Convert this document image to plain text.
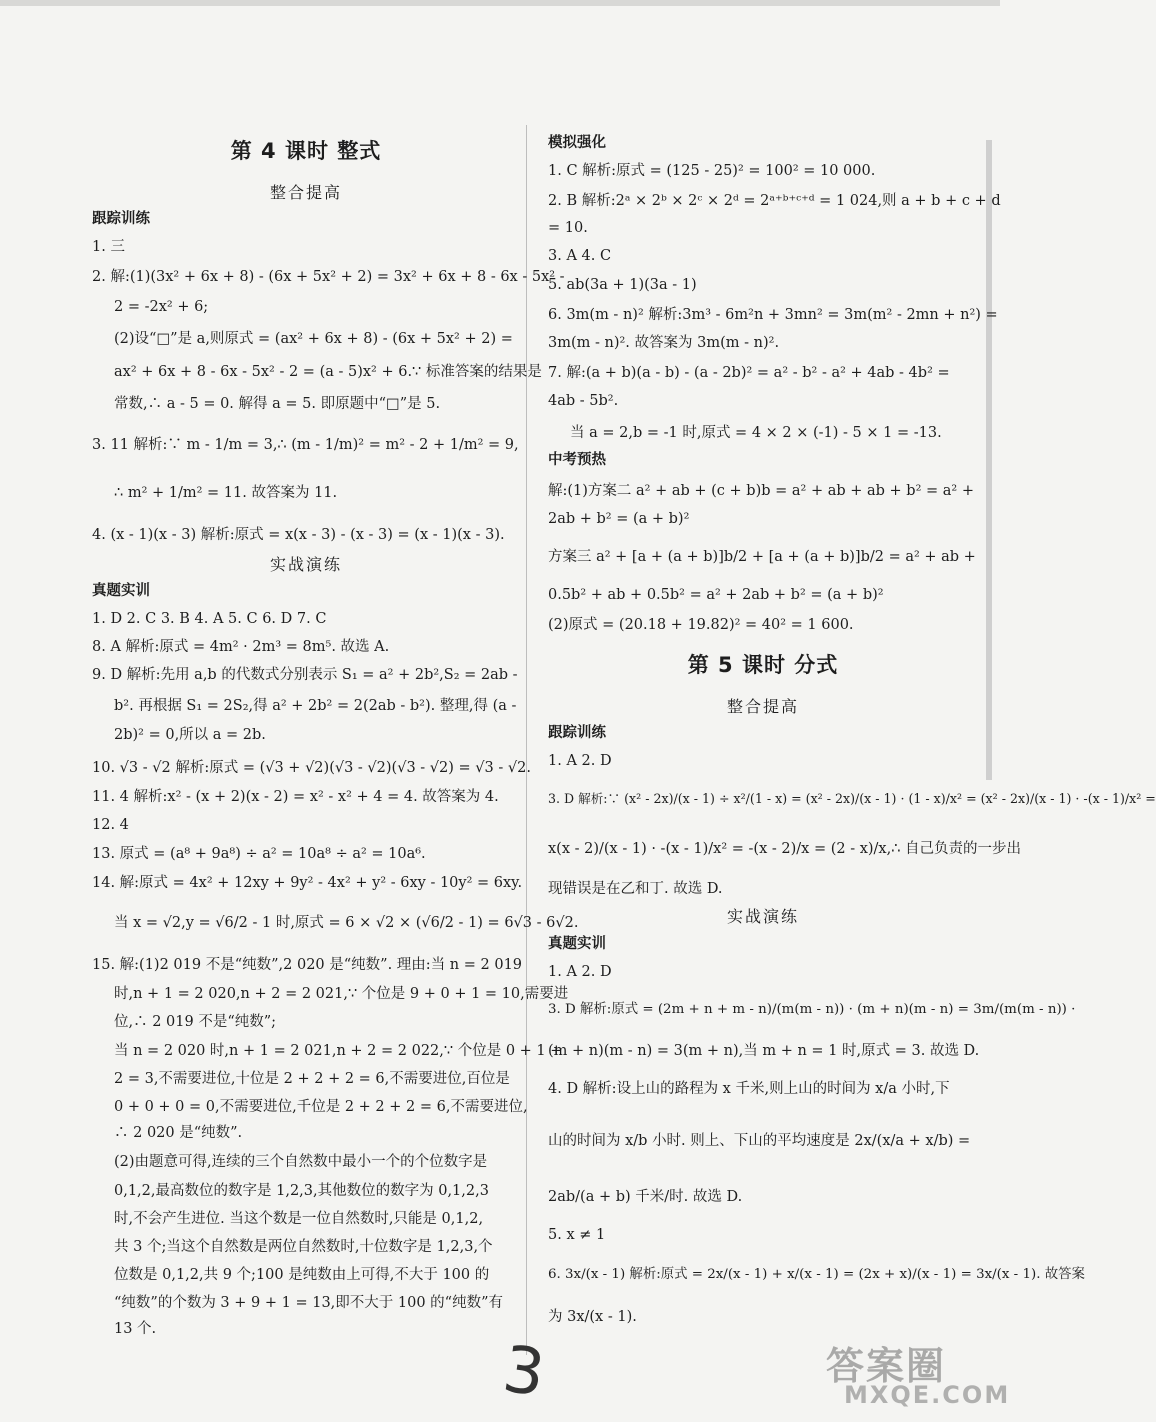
第 4 课时 整式
整合提高
跟踪训练
1. 三
2. 解:(1)(3x² + 6x + 8) - (6x + 5x² + 2) = 3x² + 6x + 8 - 6x - 5x² -
2 = -2x² + 6;
(2)设“□”是 a,则原式 = (ax² + 6x + 8) - (6x + 5x² + 2) =
ax² + 6x + 8 - 6x - 5x² - 2 = (a - 5)x² + 6.∵ 标准答案的结果是
常数,∴ a - 5 = 0. 解得 a = 5. 即原题中“□”是 5.
3. 11 解析:∵ m - 1/m = 3,∴ (m - 1/m)² = m² - 2 + 1/m² = 9,
∴ m² + 1/m² = 11. 故答案为 11.
4. (x - 1)(x - 3) 解析:原式 = x(x - 3) - (x - 3) = (x - 1)(x - 3).
实战演练
真题实训
1. D 2. C 3. B 4. A 5. C 6. D 7. C
8. A 解析:原式 = 4m² · 2m³ = 8m⁵. 故选 A.
9. D 解析:先用 a,b 的代数式分别表示 S₁ = a² + 2b²,S₂ = 2ab -
b². 再根据 S₁ = 2S₂,得 a² + 2b² = 2(2ab - b²). 整理,得 (a -
2b)² = 0,所以 a = 2b.
10. √3 - √2 解析:原式 = (√3 + √2)(√3 - √2)(√3 - √2) = √3 - √2.
11. 4 解析:x² - (x + 2)(x - 2) = x² - x² + 4 = 4. 故答案为 4.
12. 4
13. 原式 = (a⁸ + 9a⁸) ÷ a² = 10a⁸ ÷ a² = 10a⁶.
14. 解:原式 = 4x² + 12xy + 9y² - 4x² + y² - 6xy - 10y² = 6xy.
当 x = √2,y = √6/2 - 1 时,原式 = 6 × √2 × (√6/2 - 1) = 6√3 - 6√2.
15. 解:(1)2 019 不是“纯数”,2 020 是“纯数”. 理由:当 n = 2 019
时,n + 1 = 2 020,n + 2 = 2 021,∵ 个位是 9 + 0 + 1 = 10,需要进
位,∴ 2 019 不是“纯数”;
当 n = 2 020 时,n + 1 = 2 021,n + 2 = 2 022,∵ 个位是 0 + 1 +
2 = 3,不需要进位,十位是 2 + 2 + 2 = 6,不需要进位,百位是
0 + 0 + 0 = 0,不需要进位,千位是 2 + 2 + 2 = 6,不需要进位,
∴ 2 020 是“纯数”.
(2)由题意可得,连续的三个自然数中最小一个的个位数字是
0,1,2,最高数位的数字是 1,2,3,其他数位的数字为 0,1,2,3
时,不会产生进位. 当这个数是一位自然数时,只能是 0,1,2,
共 3 个;当这个自然数是两位自然数时,十位数字是 1,2,3,个
位数是 0,1,2,共 9 个;100 是纯数由上可得,不大于 100 的
“纯数”的个数为 3 + 9 + 1 = 13,即不大于 100 的“纯数”有
13 个.
模拟强化
1. C 解析:原式 = (125 - 25)² = 100² = 10 000.
2. B 解析:2ᵃ × 2ᵇ × 2ᶜ × 2ᵈ = 2ᵃ⁺ᵇ⁺ᶜ⁺ᵈ = 1 024,则 a + b + c + d
= 10.
3. A 4. C
5. ab(3a + 1)(3a - 1)
6. 3m(m - n)² 解析:3m³ - 6m²n + 3mn² = 3m(m² - 2mn + n²) =
3m(m - n)². 故答案为 3m(m - n)².
7. 解:(a + b)(a - b) - (a - 2b)² = a² - b² - a² + 4ab - 4b² =
4ab - 5b².
当 a = 2,b = -1 时,原式 = 4 × 2 × (-1) - 5 × 1 = -13.
中考预热
解:(1)方案二 a² + ab + (c + b)b = a² + ab + ab + b² = a² +
2ab + b² = (a + b)²
方案三 a² + [a + (a + b)]b/2 + [a + (a + b)]b/2 = a² + ab +
0.5b² + ab + 0.5b² = a² + 2ab + b² = (a + b)²
(2)原式 = (20.18 + 19.82)² = 40² = 1 600.
第 5 课时 分式
整合提高
跟踪训练
1. A 2. D
3. D 解析:∵ (x² - 2x)/(x - 1) ÷ x²/(1 - x) = (x² - 2x)/(x - 1) · (1 - x)/x² = (x² - 2x)/(x - 1) · -(x - 1)/x² =
x(x - 2)/(x - 1) · -(x - 1)/x² = -(x - 2)/x = (2 - x)/x,∴ 自己负责的一步出
现错误是在乙和丁. 故选 D.
实战演练
真题实训
1. A 2. D
3. D 解析:原式 = (2m + n + m - n)/(m(m - n)) · (m + n)(m - n) = 3m/(m(m - n)) ·
(m + n)(m - n) = 3(m + n),当 m + n = 1 时,原式 = 3. 故选 D.
4. D 解析:设上山的路程为 x 千米,则上山的时间为 x/a 小时,下
山的时间为 x/b 小时. 则上、下山的平均速度是 2x/(x/a + x/b) =
2ab/(a + b) 千米/时. 故选 D.
5. x ≠ 1
6. 3x/(x - 1) 解析:原式 = 2x/(x - 1) + x/(x - 1) = (2x + x)/(x - 1) = 3x/(x - 1). 故答案
为 3x/(x - 1).
3	答案圈
MXQE.COM
